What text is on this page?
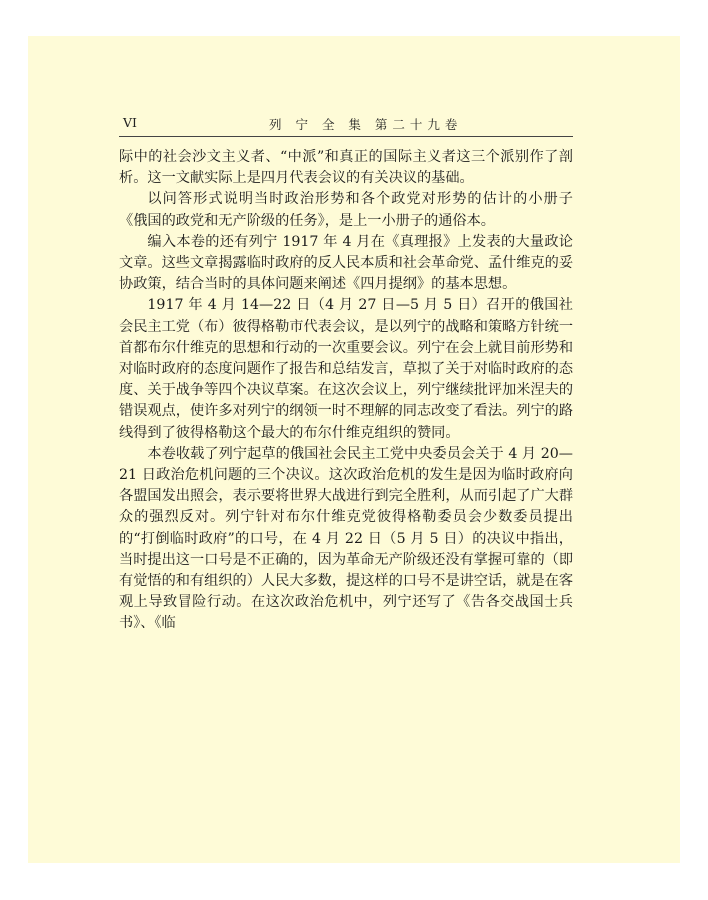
VI	列 宁 全 集 第二十九卷

际中的社会沙文主义者、“中派”和真正的国际主义者这三个派别作了剖析。这一文献实际上是四月代表会议的有关决议的基础。

以问答形式说明当时政治形势和各个政党对形势的估计的小册子《俄国的政党和无产阶级的任务》，是上一小册子的通俗本。

编入本卷的还有列宁 1917 年 4 月在《真理报》上发表的大量政论文章。这些文章揭露临时政府的反人民本质和社会革命党、孟什维克的妥协政策，结合当时的具体问题来阐述《四月提纲》的基本思想。

1917 年 4 月 14—22 日（4 月 27 日—5 月 5 日）召开的俄国社会民主工党（布）彼得格勒市代表会议，是以列宁的战略和策略方针统一首都布尔什维克的思想和行动的一次重要会议。列宁在会上就目前形势和对临时政府的态度问题作了报告和总结发言，草拟了关于对临时政府的态度、关于战争等四个决议草案。在这次会议上，列宁继续批评加米涅夫的错误观点，使许多对列宁的纲领一时不理解的同志改变了看法。列宁的路线得到了彼得格勒这个最大的布尔什维克组织的赞同。

本卷收载了列宁起草的俄国社会民主工党中央委员会关于 4 月 20—21 日政治危机问题的三个决议。这次政治危机的发生是因为临时政府向各盟国发出照会，表示要将世界大战进行到完全胜利，从而引起了广大群众的强烈反对。列宁针对布尔什维克党彼得格勒委员会少数委员提出的“打倒临时政府”的口号，在 4 月 22 日（5 月 5 日）的决议中指出，当时提出这一口号是不正确的，因为革命无产阶级还没有掌握可靠的（即有觉悟的和有组织的）人民大多数，提这样的口号不是讲空话，就是在客观上导致冒险行动。在这次政治危机中，列宁还写了《告各交战国士兵书》、《临
